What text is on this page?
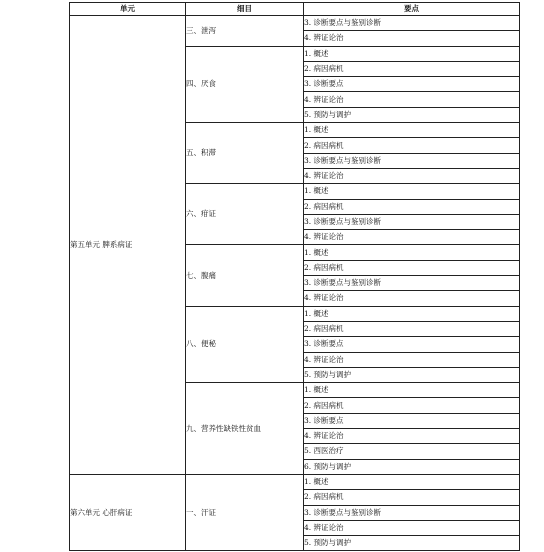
单元	细目	要点
第五单元 脾系病证	三、泄泻	3. 诊断要点与鉴别诊断
		4. 辨证论治
	四、厌食	1. 概述
		2. 病因病机
		3. 诊断要点
		4. 辨证论治
		5. 预防与调护
	五、积滞	1. 概述
		2. 病因病机
		3. 诊断要点与鉴别诊断
		4. 辨证论治
	六、疳证	1. 概述
		2. 病因病机
		3. 诊断要点与鉴别诊断
		4. 辨证论治
	七、腹痛	1. 概述
		2. 病因病机
		3. 诊断要点与鉴别诊断
		4. 辨证论治
	八、便秘	1. 概述
		2. 病因病机
		3. 诊断要点
		4. 辨证论治
		5. 预防与调护
	九、营养性缺铁性贫血	1. 概述
		2. 病因病机
		3. 诊断要点
		4. 辨证论治
		5. 西医治疗
		6. 预防与调护
第六单元 心肝病证	一、汗证	1. 概述
		2. 病因病机
		3. 诊断要点与鉴别诊断
		4. 辨证论治
		5. 预防与调护
